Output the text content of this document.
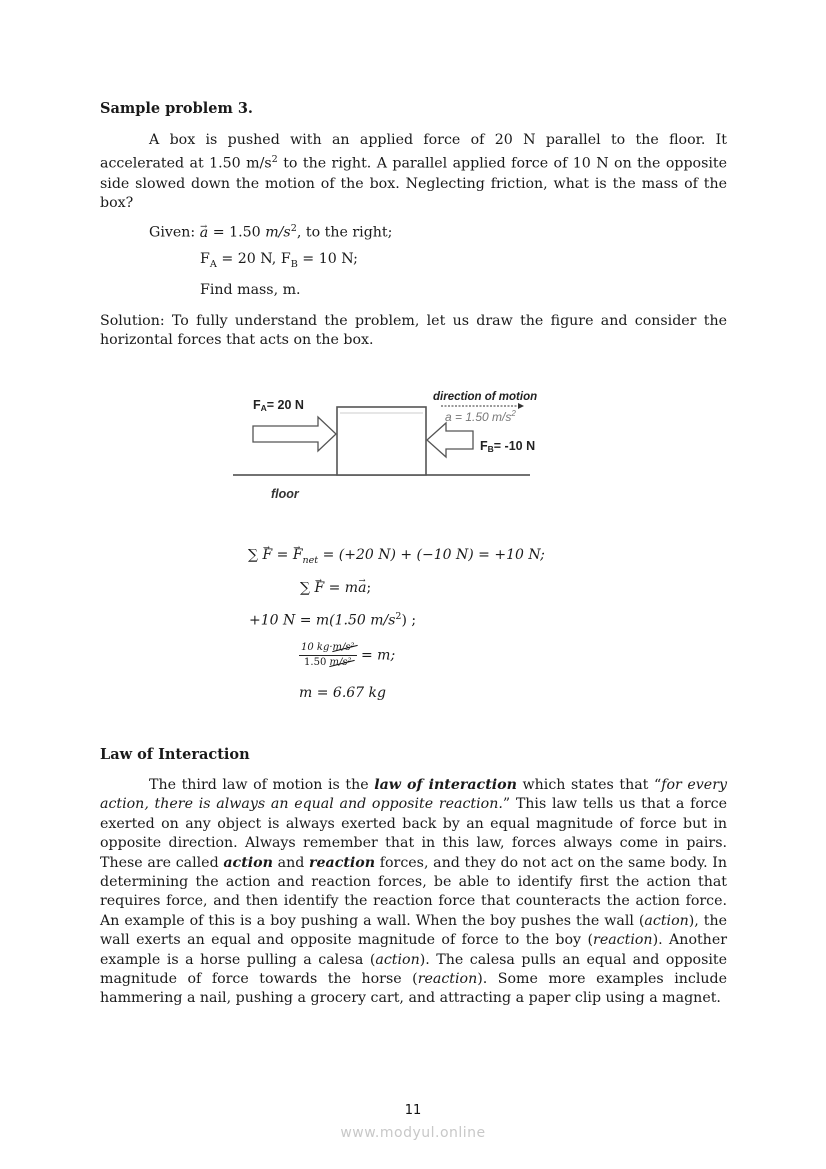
Sample problem 3.

A box is pushed with an applied force of 20 N parallel to the floor. It accelerated at 1.50 $m/s^2$ to the right. A parallel applied force of 10 N on the opposite side slowed down the motion of the box. Neglecting friction, what is the mass of the box?

Given: → a = 1.50 $m/s^2$, to the right;

$F_A = 20$ N, $F_B = 10$ N;

Find mass, m.

Solution: To fully understand the problem, let us draw the figure and consider the horizontal forces that acts on the box.

FA= 20 N
FB= -10 N
direction of motion
a = 1.50 $m/s^2$
floor

∑ → F = → $F_{net} = (+20$ N) + (−10 N) = +10 N;

∑ → F = m→ a;

+10 N = m(1.50 $m/s^2$) ;

$\frac{\text{10 kg·m/s²}}{\text{1.50 m/s²}} = m$;

m = 6.67 kg

Law of Interaction

The third law of motion is the law of interaction which states that “for every action, there is always an equal and opposite reaction.” This law tells us that a force exerted on any object is always exerted back by an equal magnitude of force but in opposite direction. Always remember that in this law, forces always come in pairs. These are called action and reaction forces, and they do not act on the same body. In determining the action and reaction forces, be able to identify first the action that requires force, and then identify the reaction force that counteracts the action force. An example of this is a boy pushing a wall. When the boy pushes the wall (action), the wall exerts an equal and opposite magnitude of force to the boy (reaction). Another example is a horse pulling a calesa (action). The calesa pulls an equal and opposite magnitude of force towards the horse (reaction). Some more examples include hammering a nail, pushing a grocery cart, and attracting a paper clip using a magnet.

11
www.modyul.online
